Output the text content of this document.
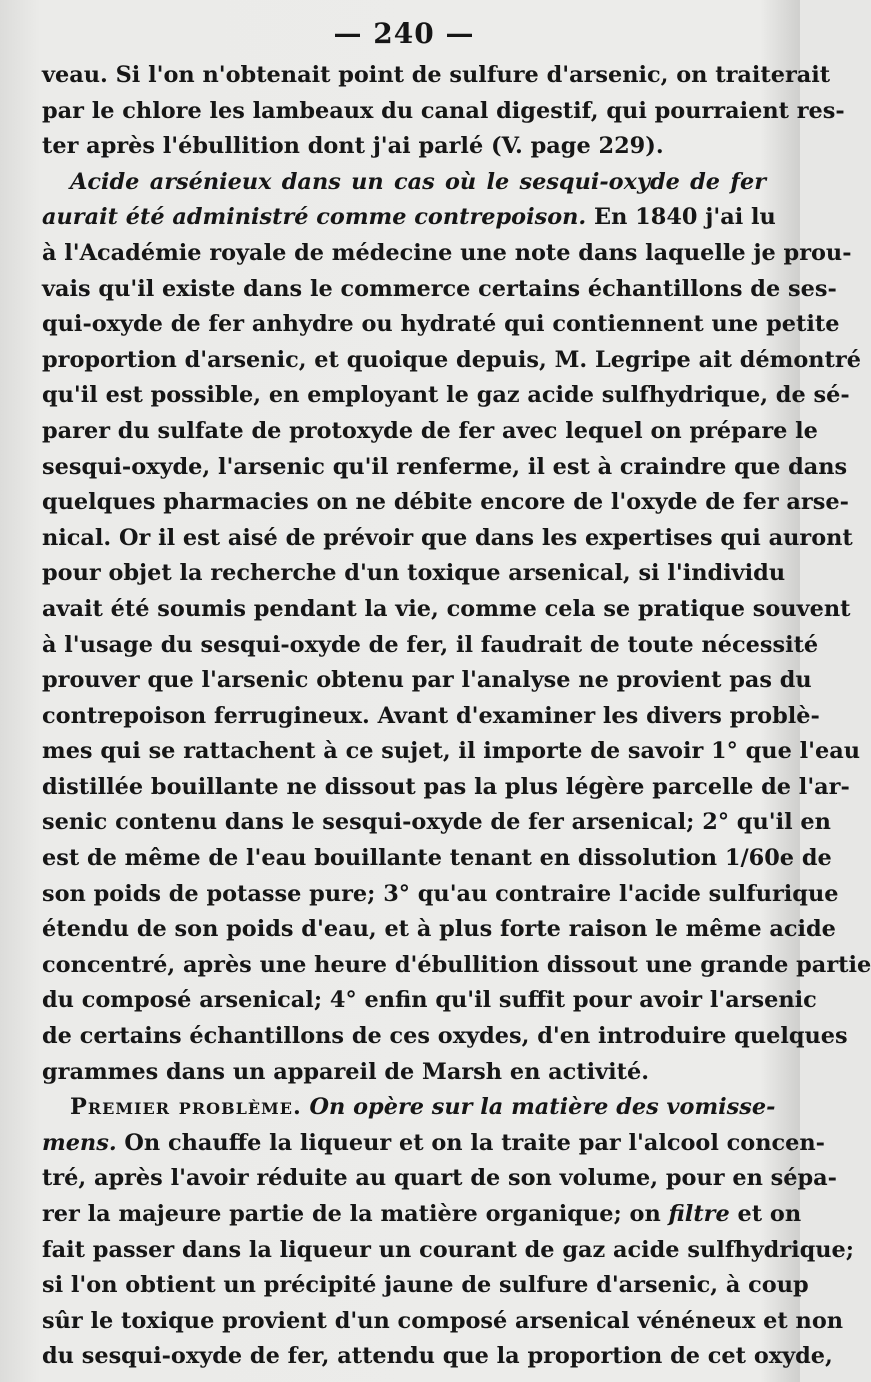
— 240 —

veau. Si l'on n'obtenait point de sulfure d'arsenic, on traiterait
par le chlore les lambeaux du canal digestif, qui pourraient res-
ter après l'ébullition dont j'ai parlé (V. page 229).

Acide arsénieux dans un cas où le sesqui-oxyde de fer
aurait été administré comme contrepoison. En 1840 j'ai lu
à l'Académie royale de médecine une note dans laquelle je prou-
vais qu'il existe dans le commerce certains échantillons de ses-
qui-oxyde de fer anhydre ou hydraté qui contiennent une petite
proportion d'arsenic, et quoique depuis, M. Legripe ait démontré
qu'il est possible, en employant le gaz acide sulfhydrique, de sé-
parer du sulfate de protoxyde de fer avec lequel on prépare le
sesqui-oxyde, l'arsenic qu'il renferme, il est à craindre que dans
quelques pharmacies on ne débite encore de l'oxyde de fer arse-
nical. Or il est aisé de prévoir que dans les expertises qui auront
pour objet la recherche d'un toxique arsenical, si l'individu
avait été soumis pendant la vie, comme cela se pratique souvent
à l'usage du sesqui-oxyde de fer, il faudrait de toute nécessité
prouver que l'arsenic obtenu par l'analyse ne provient pas du
contrepoison ferrugineux. Avant d'examiner les divers problè-
mes qui se rattachent à ce sujet, il importe de savoir 1° que l'eau
distillée bouillante ne dissout pas la plus légère parcelle de l'ar-
senic contenu dans le sesqui-oxyde de fer arsenical; 2° qu'il en
est de même de l'eau bouillante tenant en dissolution 1/60e de
son poids de potasse pure; 3° qu'au contraire l'acide sulfurique
étendu de son poids d'eau, et à plus forte raison le même acide
concentré, après une heure d'ébullition dissout une grande partie
du composé arsenical; 4° enfin qu'il suffit pour avoir l'arsenic
de certains échantillons de ces oxydes, d'en introduire quelques
grammes dans un appareil de Marsh en activité.

Premier problème. On opère sur la matière des vomisse-
mens. On chauffe la liqueur et on la traite par l'alcool concen-
tré, après l'avoir réduite au quart de son volume, pour en sépa-
rer la majeure partie de la matière organique; on filtre et on
fait passer dans la liqueur un courant de gaz acide sulfhydrique;
si l'on obtient un précipité jaune de sulfure d'arsenic, à coup
sûr le toxique provient d'un composé arsenical vénéneux et non
du sesqui-oxyde de fer, attendu que la proportion de cet oxyde,
